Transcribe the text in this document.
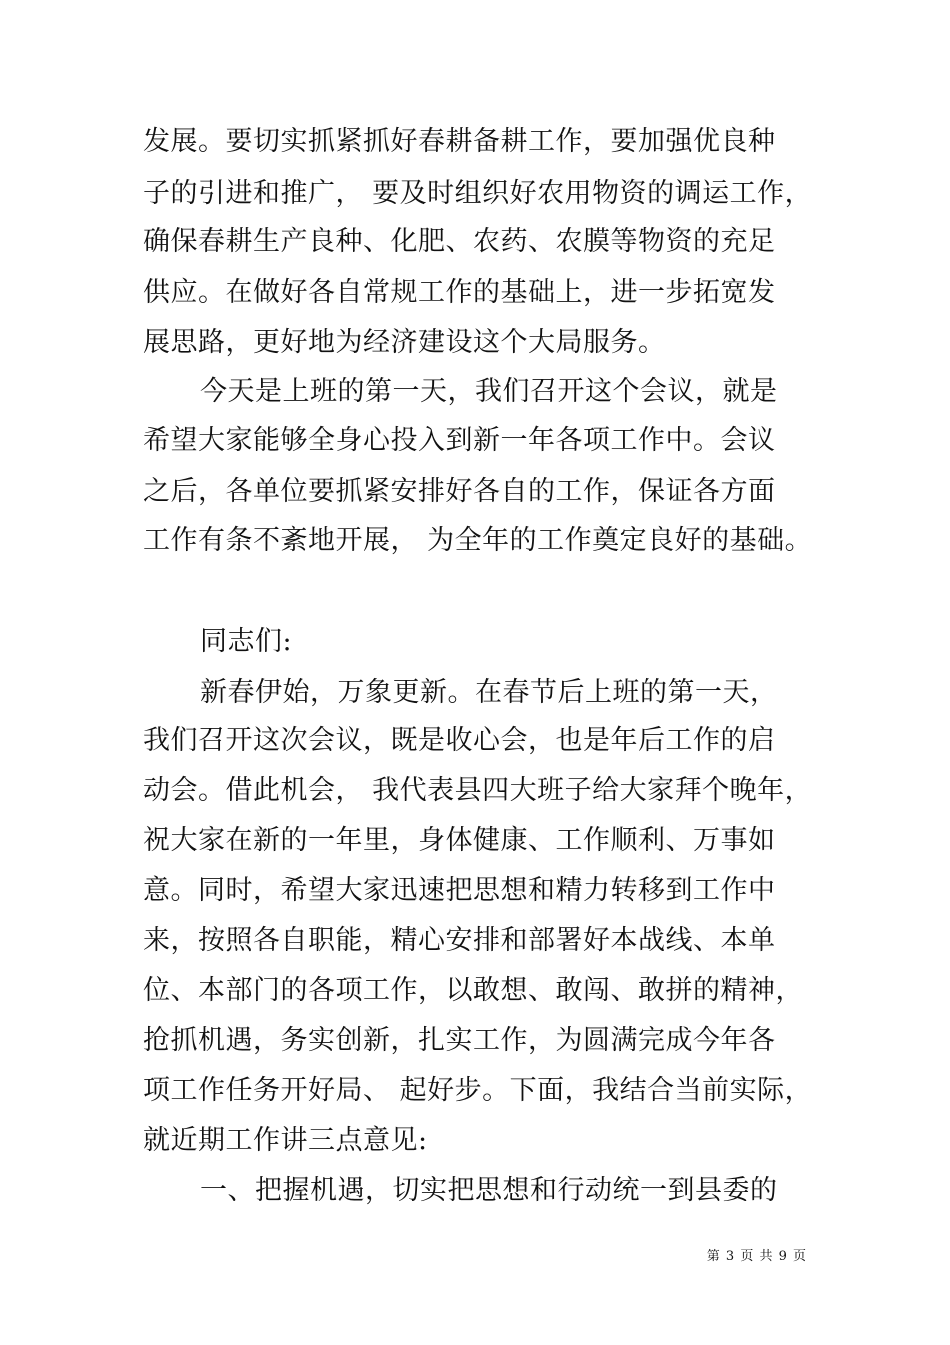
发展。要切实抓紧抓好春耕备耕工作，要加强优良种
子的引进和推广， 要及时组织好农用物资的调运工作，
确保春耕生产良种、化肥、农药、农膜等物资的充足
供应。在做好各自常规工作的基础上，进一步拓宽发
展思路，更好地为经济建设这个大局服务。
今天是上班的第一天，我们召开这个会议，就是
希望大家能够全身心投入到新一年各项工作中。会议
之后，各单位要抓紧安排好各自的工作，保证各方面
工作有条不紊地开展， 为全年的工作奠定良好的基础。
同志们:
新春伊始，万象更新。在春节后上班的第一天，
我们召开这次会议，既是收心会，也是年后工作的启
动会。借此机会， 我代表县四大班子给大家拜个晚年，
祝大家在新的一年里，身体健康、工作顺利、万事如
意。同时，希望大家迅速把思想和精力转移到工作中
来，按照各自职能，精心安排和部署好本战线、本单
位、本部门的各项工作，以敢想、敢闯、敢拼的精神，
抢抓机遇，务实创新，扎实工作，为圆满完成今年各
项工作任务开好局、 起好步。下面，我结合当前实际，
就近期工作讲三点意见:
一、把握机遇，切实把思想和行动统一到县委的
第 3 页 共 9 页
